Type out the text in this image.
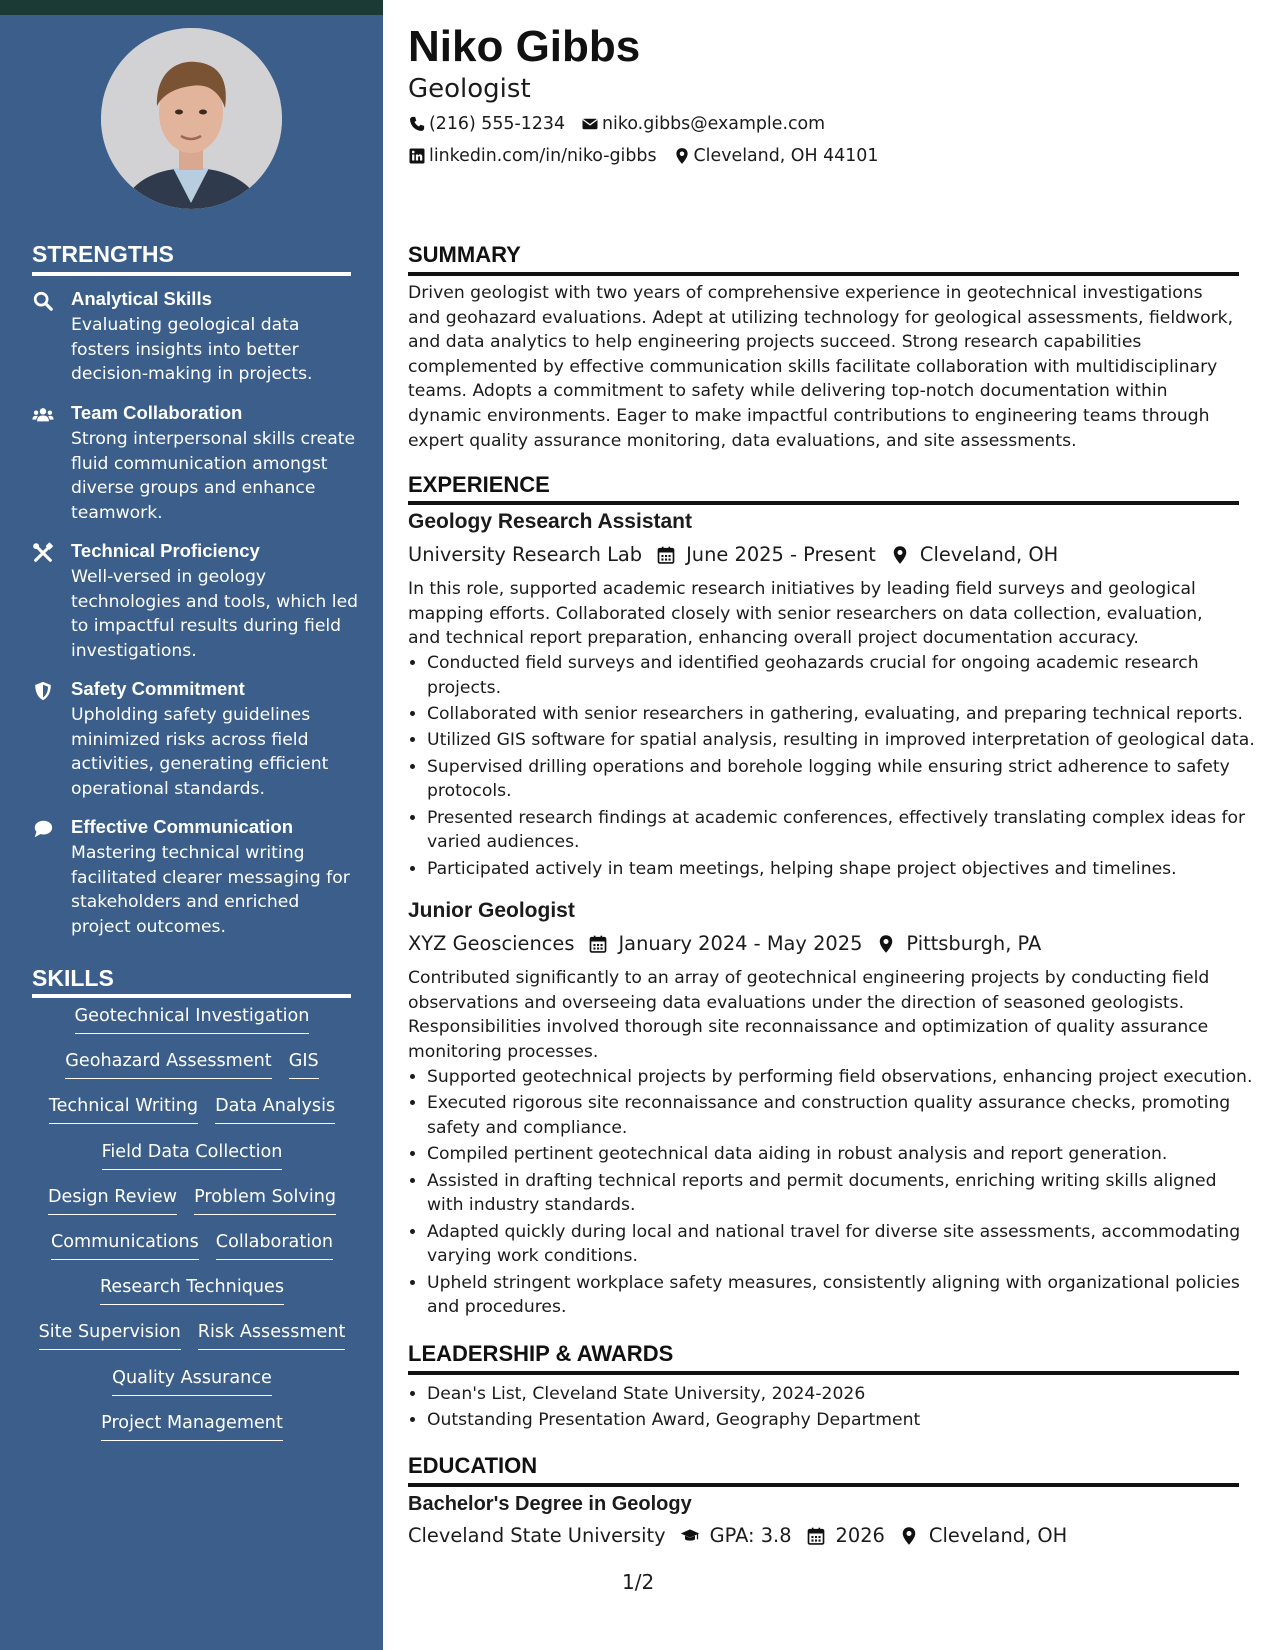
STRENGTHS
Analytical Skills
Evaluating geological data fosters insights into better decision-making in projects.
Team Collaboration
Strong interpersonal skills create fluid communication amongst diverse groups and enhance teamwork.
Technical Proficiency
Well-versed in geology technologies and tools, which led to impactful results during field investigations.
Safety Commitment
Upholding safety guidelines minimized risks across field activities, generating efficient operational standards.
Effective Communication
Mastering technical writing facilitated clearer messaging for stakeholders and enriched project outcomes.
SKILLS
Geotechnical Investigation
Geohazard Assessment GIS
Technical Writing Data Analysis
Field Data Collection
Design Review Problem Solving
Communications Collaboration
Research Techniques
Site Supervision Risk Assessment
Quality Assurance
Project Management
Niko Gibbs
Geologist
(216) 555-1234 niko.gibbs@example.com
linkedin.com/in/niko-gibbs Cleveland, OH 44101
SUMMARY
Driven geologist with two years of comprehensive experience in geotechnical investigations and geohazard evaluations. Adept at utilizing technology for geological assessments, fieldwork, and data analytics to help engineering projects succeed. Strong research capabilities complemented by effective communication skills facilitate collaboration with multidisciplinary teams. Adopts a commitment to safety while delivering top-notch documentation within dynamic environments. Eager to make impactful contributions to engineering teams through expert quality assurance monitoring, data evaluations, and site assessments.
EXPERIENCE
Geology Research Assistant
University Research Lab June 2025 - Present Cleveland, OH
In this role, supported academic research initiatives by leading field surveys and geological mapping efforts. Collaborated closely with senior researchers on data collection, evaluation, and technical report preparation, enhancing overall project documentation accuracy.
• Conducted field surveys and identified geohazards crucial for ongoing academic research projects.
• Collaborated with senior researchers in gathering, evaluating, and preparing technical reports.
• Utilized GIS software for spatial analysis, resulting in improved interpretation of geological data.
• Supervised drilling operations and borehole logging while ensuring strict adherence to safety protocols.
• Presented research findings at academic conferences, effectively translating complex ideas for varied audiences.
• Participated actively in team meetings, helping shape project objectives and timelines.
Junior Geologist
XYZ Geosciences January 2024 - May 2025 Pittsburgh, PA
Contributed significantly to an array of geotechnical engineering projects by conducting field observations and overseeing data evaluations under the direction of seasoned geologists. Responsibilities involved thorough site reconnaissance and optimization of quality assurance monitoring processes.
• Supported geotechnical projects by performing field observations, enhancing project execution.
• Executed rigorous site reconnaissance and construction quality assurance checks, promoting safety and compliance.
• Compiled pertinent geotechnical data aiding in robust analysis and report generation.
• Assisted in drafting technical reports and permit documents, enriching writing skills aligned with industry standards.
• Adapted quickly during local and national travel for diverse site assessments, accommodating varying work conditions.
• Upheld stringent workplace safety measures, consistently aligning with organizational policies and procedures.
LEADERSHIP & AWARDS
• Dean's List, Cleveland State University, 2024-2026
• Outstanding Presentation Award, Geography Department
EDUCATION
Bachelor's Degree in Geology
Cleveland State University GPA: 3.8 2026 Cleveland, OH
1/2
